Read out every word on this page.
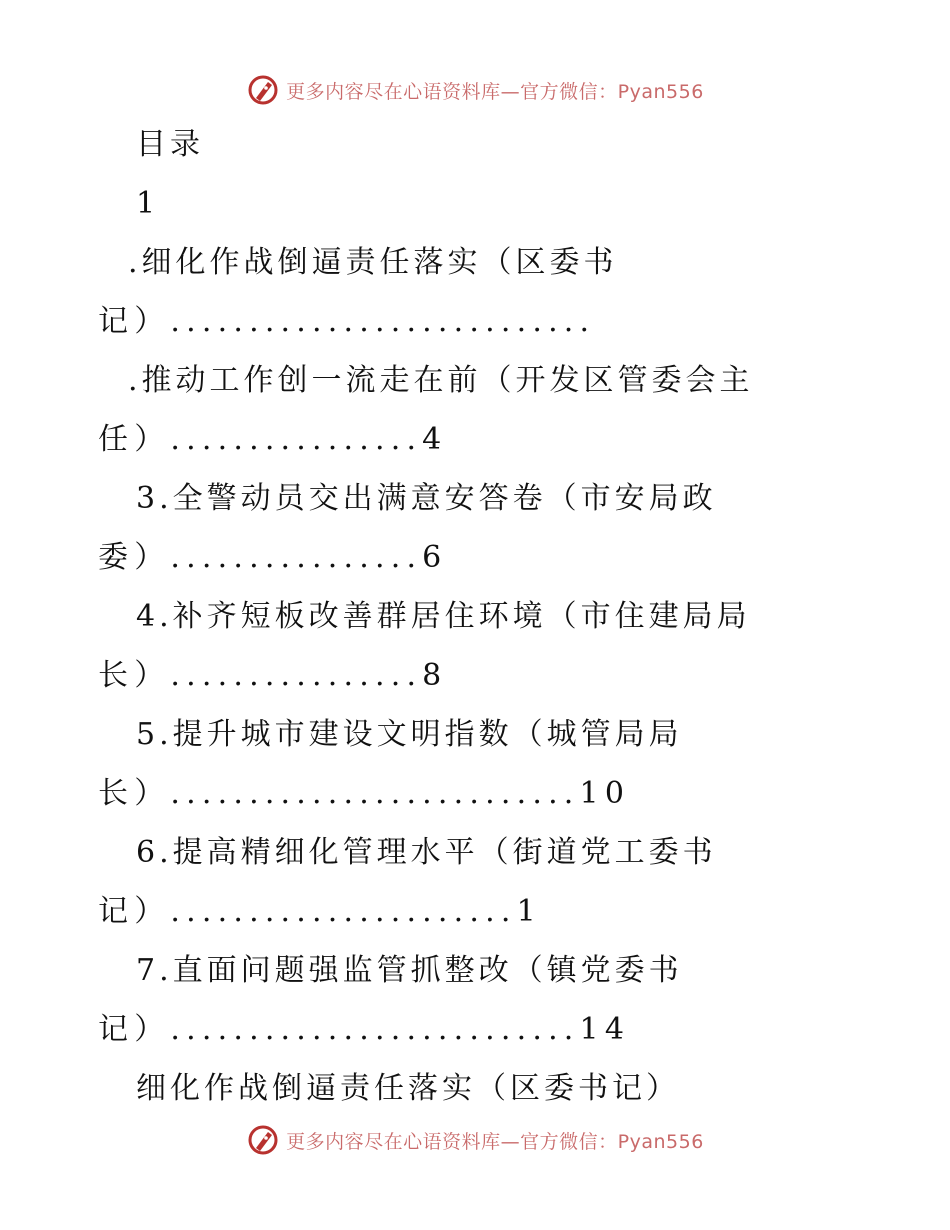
更多内容尽在心语资料库—官方微信：Pyan556
目录
1
.细化作战倒逼责任落实（区委书
记）...........................
.推动工作创一流走在前（开发区管委会主
任）................4
3.全警动员交出满意安答卷（市安局政
委）................6
4.补齐短板改善群居住环境（市住建局局
长）................8
5.提升城市建设文明指数（城管局局
长）..........................10
6.提高精细化管理水平（街道党工委书
记）......................1
7.直面问题强监管抓整改（镇党委书
记）..........................14
细化作战倒逼责任落实（区委书记）
更多内容尽在心语资料库—官方微信：Pyan556
